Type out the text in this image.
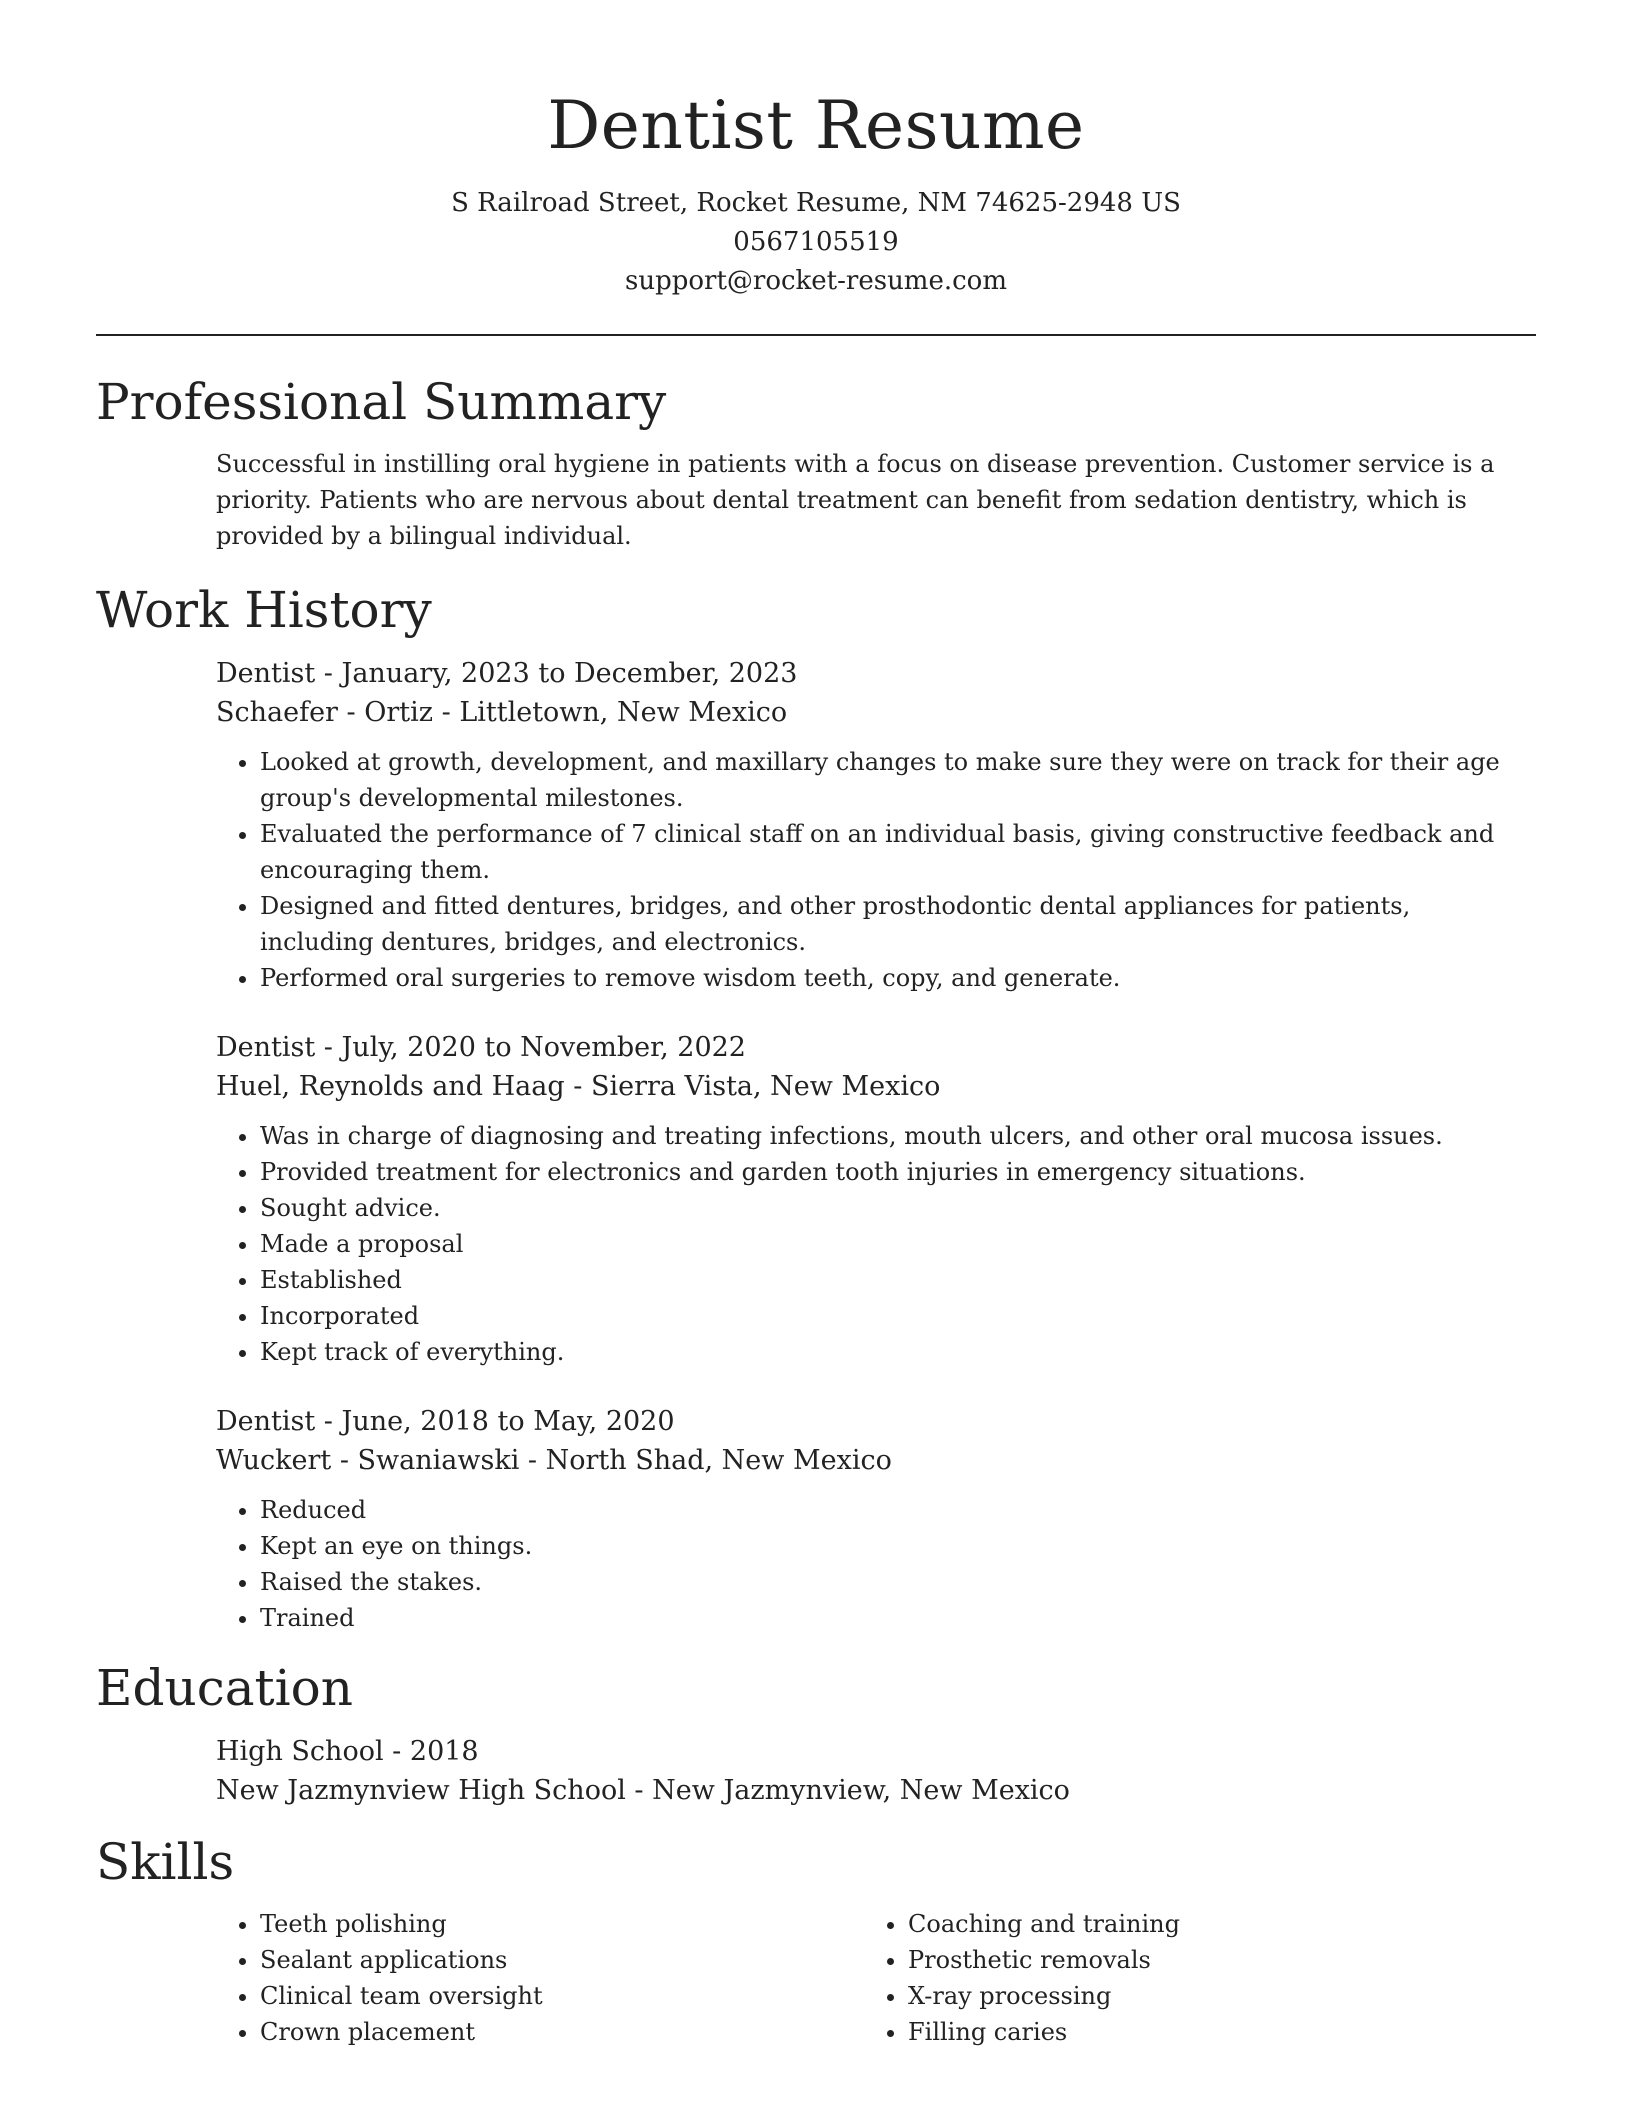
Dentist Resume
S Railroad Street, Rocket Resume, NM 74625-2948 US
0567105519
support@rocket-resume.com
Professional Summary

Successful in instilling oral hygiene in patients with a focus on disease prevention. Customer service is a priority. Patients who are nervous about dental treatment can benefit from sedation dentistry, which is provided by a bilingual individual.

Work History
Dentist - January, 2023 to December, 2023
Schaefer - Ortiz - Littletown, New Mexico
• Looked at growth, development, and maxillary changes to make sure they were on track for their age group's developmental milestones.
• Evaluated the performance of 7 clinical staff on an individual basis, giving constructive feedback and encouraging them.
• Designed and fitted dentures, bridges, and other prosthodontic dental appliances for patients, including dentures, bridges, and electronics.
• Performed oral surgeries to remove wisdom teeth, copy, and generate.
Dentist - July, 2020 to November, 2022
Huel, Reynolds and Haag - Sierra Vista, New Mexico
• Was in charge of diagnosing and treating infections, mouth ulcers, and other oral mucosa issues.
• Provided treatment for electronics and garden tooth injuries in emergency situations.
• Sought advice.
• Made a proposal
• Established
• Incorporated
• Kept track of everything.
Dentist - June, 2018 to May, 2020
Wuckert - Swaniawski - North Shad, New Mexico
• Reduced
• Kept an eye on things.
• Raised the stakes.
• Trained
Education
High School - 2018
New Jazmynview High School - New Jazmynview, New Mexico
Skills
• Teeth polishing
• Sealant applications
• Clinical team oversight
• Crown placement
• Coaching and training
• Prosthetic removals
• X-ray processing
• Filling caries
